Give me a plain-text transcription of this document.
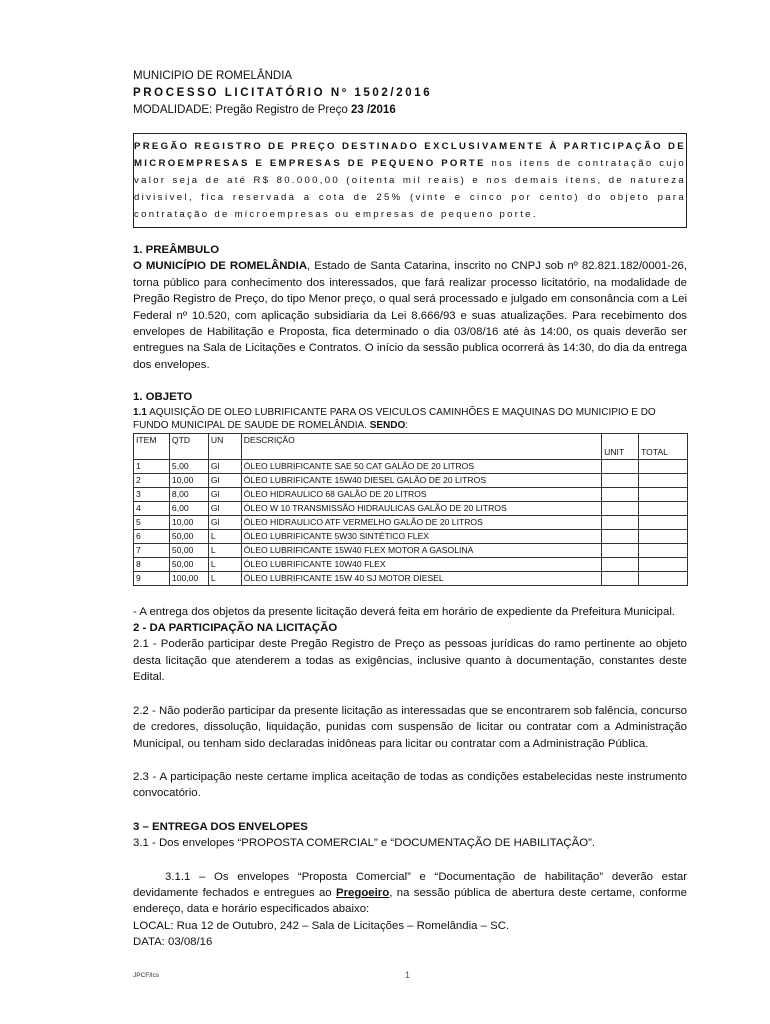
MUNICIPIO DE ROMELÂNDIA
PROCESSO LICITATÓRIO Nº 1502/2016
MODALIDADE: Pregão Registro de Preço 23 /2016

PREGÃO REGISTRO DE PREÇO DESTINADO EXCLUSIVAMENTE À PARTICIPAÇÃO DE

MICROEMPRESAS E EMPRESAS DE PEQUENO PORTE nos itens de contratação cujo

valor seja de até R$ 80.000,00 (oitenta mil reais) e nos demais itens, de natureza

divisível, fica reservada a cota de 25% (vinte e cinco por cento) do objeto para

contratação de microempresas ou empresas de pequeno porte.

1. PREÂMBULO

O MUNICÍPIO DE ROMELÂNDIA, Estado de Santa Catarina, inscrito no CNPJ sob nº 82.821.182/0001-26, torna público para conhecimento dos interessados, que fará realizar processo licitatório, na modalidade de Pregão Registro de Preço, do tipo Menor preço, o qual será processado e julgado em consonância com a Lei Federal nº 10.520, com aplicação subsidiaria da Lei 8.666/93 e suas atualizações. Para recebimento dos envelopes de Habilitação e Proposta, fica determinado o dia 03/08/16 até às 14:00, os quais deverão ser entregues na Sala de Licitações e Contratos. O início da sessão publica ocorrerá às 14:30, do dia da entrega dos envelopes.

1. OBJETO

1.1 AQUISIÇÃO DE OLEO LUBRIFICANTE PARA OS VEICULOS CAMINHÕES E MAQUINAS DO MUNICIPIO E DO FUNDO MUNICIPAL DE SAUDE DE ROMELÂNDIA. SENDO:

ITEM	QTD	UN	DESCRIÇÃO		
				UNIT	TOTAL
1	5,00	Gl	ÓLEO LUBRIFICANTE SAE 50 CAT GALÃO DE 20 LITROS		
2	10,00	Gl	ÓLEO LUBRIFICANTE 15W40 DIESEL GALÃO DE 20 LITROS		
3	8,00	Gl	ÓLEO HIDRAULICO 68 GALÃO DE 20 LITROS		
4	6,00	Gl	ÓLEO W 10 TRANSMISSÃO HIDRAULICAS GALÃO DE 20 LITROS		
5	10,00	Gl	ÓLEO HIDRAULICO ATF VERMELHO GALÃO DE 20 LITROS		
6	50,00	L	ÓLEO LUBRIFICANTE 5W30 SINTÉTICO FLEX		
7	50,00	L	ÓLEO LUBRIFICANTE 15W40 FLEX MOTOR A GASOLINA		
8	50,00	L	ÓLEO LUBRIFICANTE 10W40 FLEX		
9	100,00	L	ÓLEO LUBRIFICANTE 15W 40 SJ MOTOR DIESEL		

- A entrega dos objetos da presente licitação deverá feita em horário de expediente da Prefeitura Municipal.

2 - DA PARTICIPAÇÃO NA LICITAÇÃO

2.1 - Poderão participar deste Pregão Registro de Preço as pessoas jurídicas do ramo pertinente ao objeto desta licitação que atenderem a todas as exigências, inclusive quanto à documentação, constantes deste Edital.

2.2 - Não poderão participar da presente licitação as interessadas que se encontrarem sob falência, concurso de credores, dissolução, liquidação, punidas com suspensão de licitar ou contratar com a Administração Municipal, ou tenham sido declaradas inidôneas para licitar ou contratar com a Administração Pública.

2.3 - A participação neste certame implica aceitação de todas as condições estabelecidas neste instrumento convocatório.

3 – ENTREGA DOS ENVELOPES

3.1 - Dos envelopes “PROPOSTA COMERCIAL” e “DOCUMENTAÇÃO DE HABILITAÇÃO”.

3.1.1 – Os envelopes “Proposta Comercial” e “Documentação de habilitação” deverão estar devidamente fechados e entregues ao Pregoeiro, na sessão pública de abertura deste certame, conforme endereço, data e horário especificados abaixo:

LOCAL: Rua 12 de Outubro, 242 – Sala de Licitações – Romelândia – SC.

DATA: 03/08/16

JPCF/lcs	1
